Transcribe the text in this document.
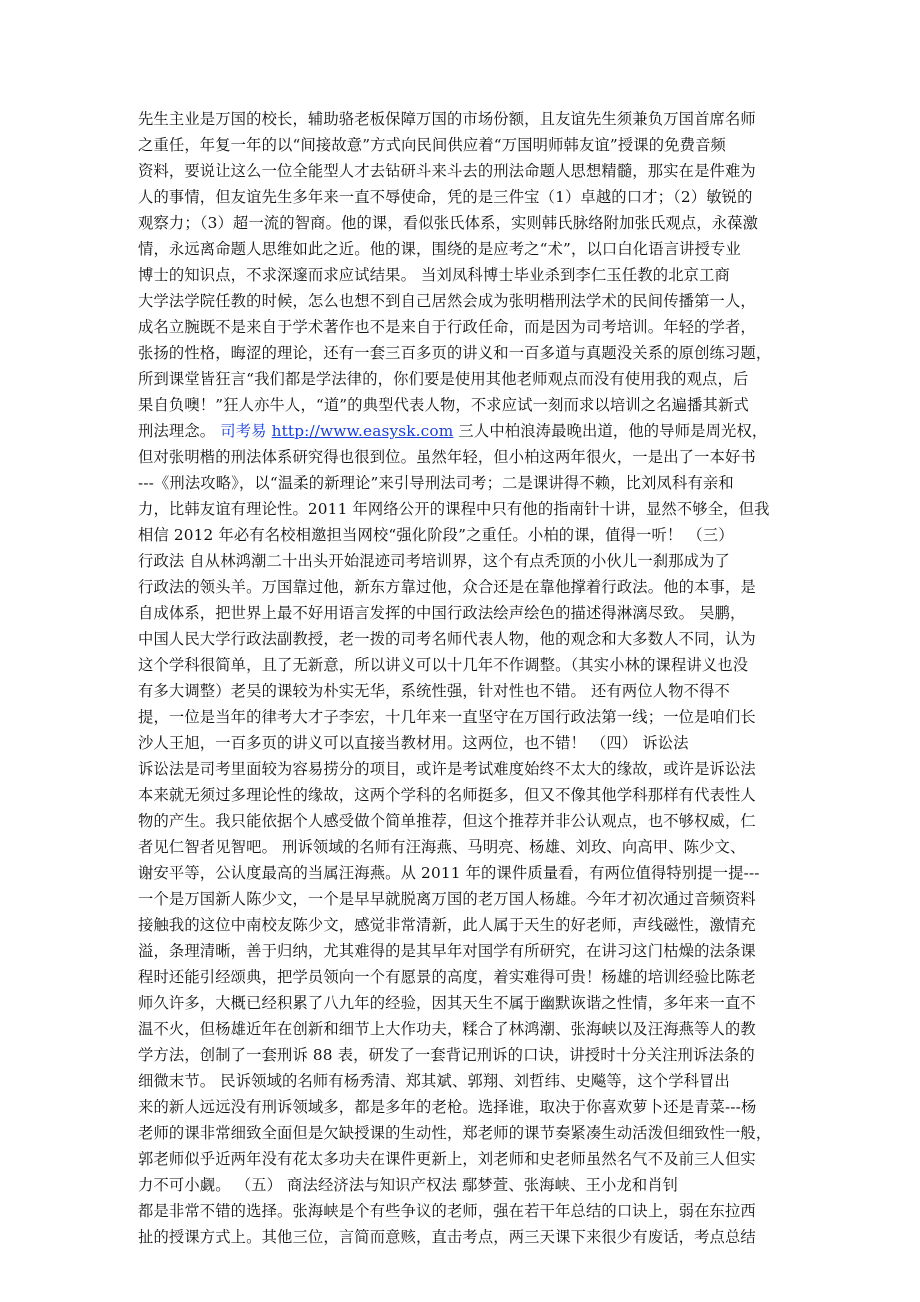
先生主业是万国的校长，辅助骆老板保障万国的市场份额，且友谊先生须兼负万国首席名师
之重任，年复一年的以“间接故意”方式向民间供应着“万国明师韩友谊”授课的免费音频
资料，要说让这么一位全能型人才去钻研斗来斗去的刑法命题人思想精髓，那实在是件难为
人的事情，但友谊先生多年来一直不辱使命，凭的是三件宝（1）卓越的口才；（2）敏锐的
观察力；（3）超一流的智商。他的课，看似张氏体系，实则韩氏脉络附加张氏观点，永葆激
情，永远离命题人思维如此之近。他的课，围绕的是应考之“术”，以口白化语言讲授专业
博士的知识点，不求深邃而求应试结果。 当刘凤科博士毕业杀到李仁玉任教的北京工商
大学法学院任教的时候，怎么也想不到自己居然会成为张明楷刑法学术的民间传播第一人，
成名立腕既不是来自于学术著作也不是来自于行政任命，而是因为司考培训。年轻的学者，
张扬的性格，晦涩的理论，还有一套三百多页的讲义和一百多道与真题没关系的原创练习题，
所到课堂皆狂言“我们都是学法律的，你们要是使用其他老师观点而没有使用我的观点，后
果自负噢！”狂人亦牛人，“道”的典型代表人物，不求应试一刻而求以培训之名遍播其新式
刑法理念。 司考易 http://www.easysk.com 三人中柏浪涛最晚出道，他的导师是周光权，
但对张明楷的刑法体系研究得也很到位。虽然年轻，但小柏这两年很火，一是出了一本好书
---《刑法攻略》，以“温柔的新理论”来引导刑法司考；二是课讲得不赖，比刘凤科有亲和
力，比韩友谊有理论性。2011 年网络公开的课程中只有他的指南针十讲，显然不够全，但我
相信 2012 年必有名校相邀担当网校“强化阶段”之重任。小柏的课，值得一听！ （三）
行政法 自从林鸿潮二十出头开始混迹司考培训界，这个有点秃顶的小伙儿一刹那成为了
行政法的领头羊。万国靠过他，新东方靠过他，众合还是在靠他撑着行政法。他的本事，是
自成体系，把世界上最不好用语言发挥的中国行政法绘声绘色的描述得淋漓尽致。 吴鹏，
中国人民大学行政法副教授，老一拨的司考名师代表人物，他的观念和大多数人不同，认为
这个学科很简单，且了无新意，所以讲义可以十几年不作调整。（其实小林的课程讲义也没
有多大调整）老吴的课较为朴实无华，系统性强，针对性也不错。 还有两位人物不得不
提，一位是当年的律考大才子李宏，十几年来一直坚守在万国行政法第一线；一位是咱们长
沙人王旭，一百多页的讲义可以直接当教材用。这两位，也不错！ （四） 诉讼法
诉讼法是司考里面较为容易捞分的项目，或许是考试难度始终不太大的缘故，或许是诉讼法
本来就无须过多理论性的缘故，这两个学科的名师挺多，但又不像其他学科那样有代表性人
物的产生。我只能依据个人感受做个简单推荐，但这个推荐并非公认观点，也不够权威，仁
者见仁智者见智吧。 刑诉领域的名师有汪海燕、马明亮、杨雄、刘玫、向高甲、陈少文、
谢安平等，公认度最高的当属汪海燕。从 2011 年的课件质量看，有两位值得特别提一提---
一个是万国新人陈少文，一个是早早就脱离万国的老万国人杨雄。今年才初次通过音频资料
接触我的这位中南校友陈少文，感觉非常清新，此人属于天生的好老师，声线磁性，激情充
溢，条理清晰，善于归纳，尤其难得的是其早年对国学有所研究，在讲习这门枯燥的法条课
程时还能引经颂典，把学员领向一个有愿景的高度，着实难得可贵！杨雄的培训经验比陈老
师久许多，大概已经积累了八九年的经验，因其天生不属于幽默诙谐之性情，多年来一直不
温不火，但杨雄近年在创新和细节上大作功夫，糅合了林鸿潮、张海峡以及汪海燕等人的教
学方法，创制了一套刑诉 88 表，研发了一套背记刑诉的口诀，讲授时十分关注刑诉法条的
细微末节。 民诉领域的名师有杨秀清、郑其斌、郭翔、刘哲纬、史飚等，这个学科冒出
来的新人远远没有刑诉领域多，都是多年的老枪。选择谁，取决于你喜欢萝卜还是青菜---杨
老师的课非常细致全面但是欠缺授课的生动性，郑老师的课节奏紧凑生动活泼但细致性一般，
郭老师似乎近两年没有花太多功夫在课件更新上，刘老师和史老师虽然名气不及前三人但实
力不可小觑。 （五） 商法经济法与知识产权法 鄢梦萱、张海峡、王小龙和肖钊
都是非常不错的选择。张海峡是个有些争议的老师，强在若干年总结的口诀上，弱在东拉西
扯的授课方式上。其他三位，言简而意赅，直击考点，两三天课下来很少有废话，考点总结
